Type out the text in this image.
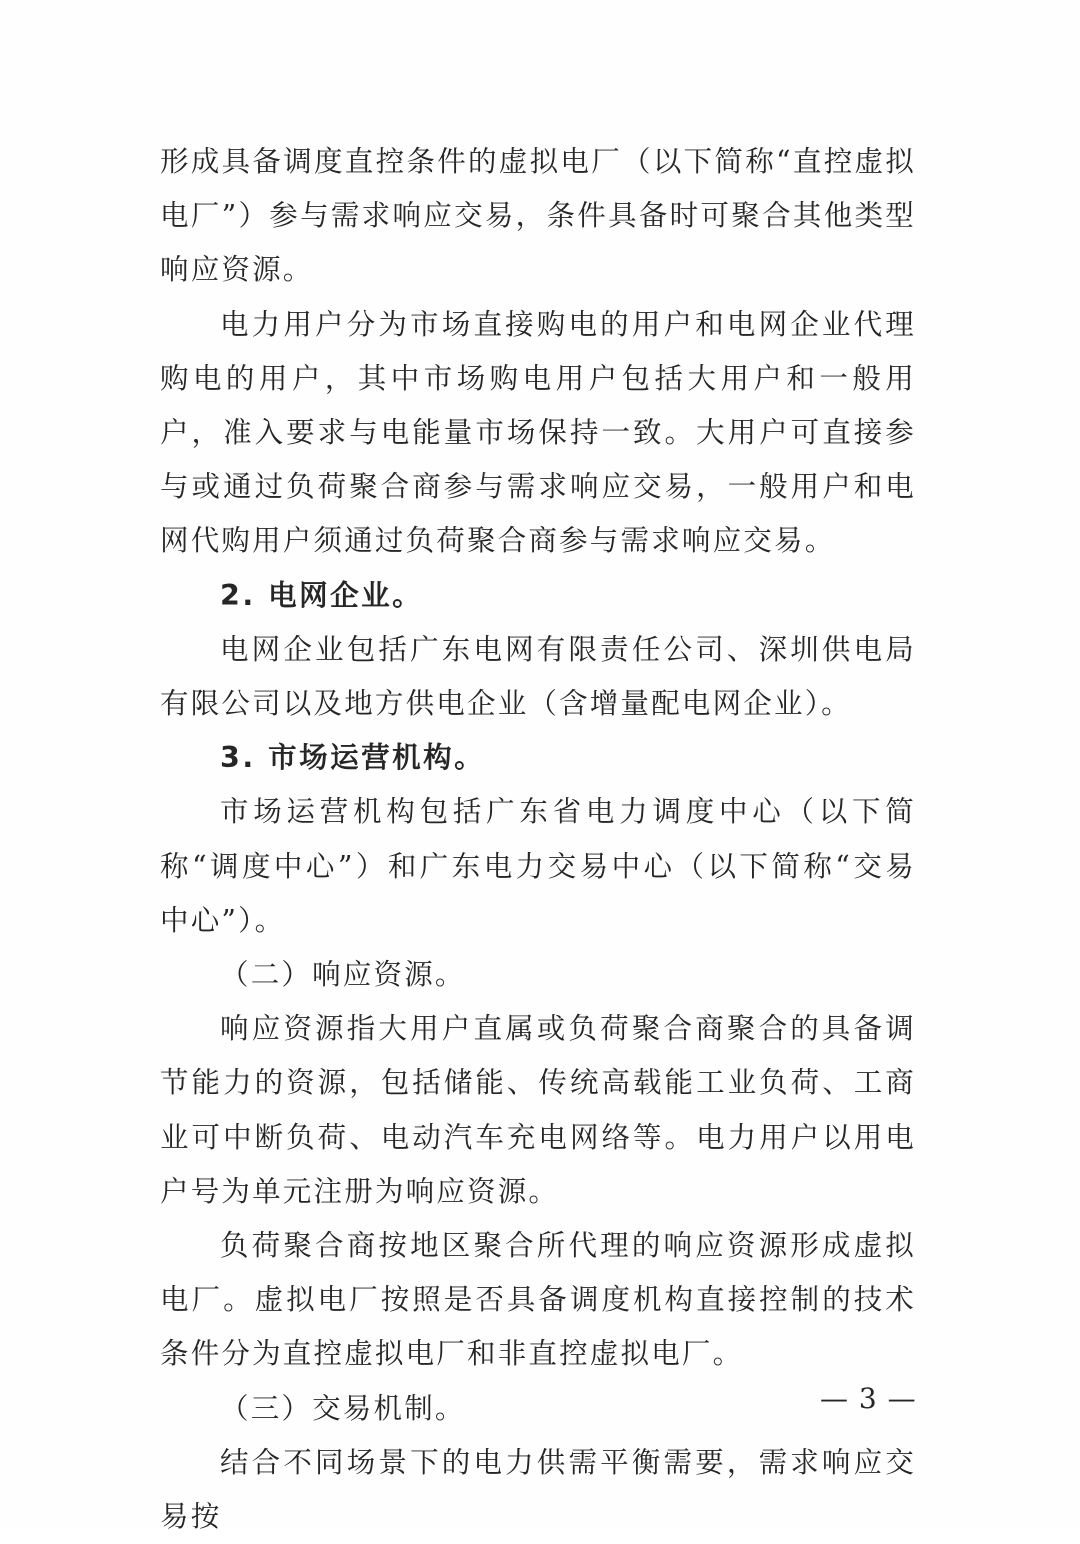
形成具备调度直控条件的虚拟电厂（以下简称“直控虚拟电厂”）参与需求响应交易，条件具备时可聚合其他类型响应资源。

电力用户分为市场直接购电的用户和电网企业代理购电的用户，其中市场购电用户包括大用户和一般用户，准入要求与电能量市场保持一致。大用户可直接参与或通过负荷聚合商参与需求响应交易，一般用户和电网代购用户须通过负荷聚合商参与需求响应交易。

2. 电网企业。

电网企业包括广东电网有限责任公司、深圳供电局有限公司以及地方供电企业（含增量配电网企业）。

3. 市场运营机构。

市场运营机构包括广东省电力调度中心（以下简称“调度中心”）和广东电力交易中心（以下简称“交易中心”）。

（二）响应资源。

响应资源指大用户直属或负荷聚合商聚合的具备调节能力的资源，包括储能、传统高载能工业负荷、工商业可中断负荷、电动汽车充电网络等。电力用户以用电户号为单元注册为响应资源。

负荷聚合商按地区聚合所代理的响应资源形成虚拟电厂。虚拟电厂按照是否具备调度机构直接控制的技术条件分为直控虚拟电厂和非直控虚拟电厂。

（三）交易机制。

结合不同场景下的电力供需平衡需要，需求响应交易按

— 3 —
